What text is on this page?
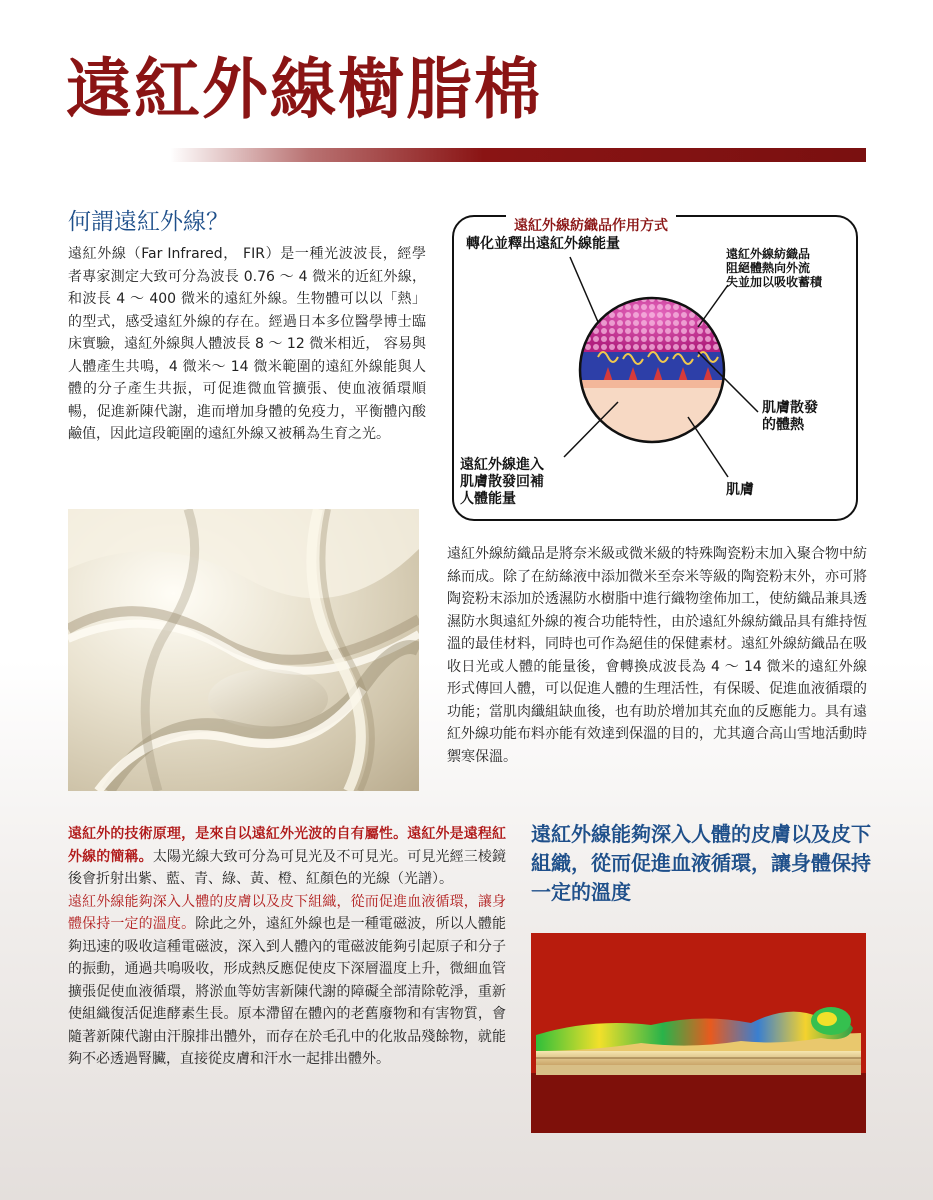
遠紅外線樹脂棉
何謂遠紅外線？
遠紅外線（Far Infrared， FIR）是一種光波波長，經學者專家測定大致可分為波長 0.76 ～ 4 微米的近紅外線，和波長 4 ～ 400 微米的遠紅外線。生物體可以以「熱」的型式，感受遠紅外線的存在。經過日本多位醫學博士臨床實驗，遠紅外線與人體波長 8 ～ 12 微米相近， 容易與人體產生共鳴，4 微米～ 14 微米範圍的遠紅外線能與人體的分子產生共振，可促進微血管擴張、使血液循環順暢，促進新陳代謝，進而增加身體的免疫力，平衡體內酸鹼值，因此這段範圍的遠紅外線又被稱為生育之光。
遠紅外線紡織品作用方式
轉化並釋出遠紅外線能量
遠紅外線紡織品
阻絕體熱向外流
失並加以吸收蓄積
肌膚散發
的體熱
遠紅外線進入
肌膚散發回補
人體能量
肌膚
遠紅外線紡織品是將奈米級或微米級的特殊陶瓷粉末加入聚合物中紡絲而成。除了在紡絲液中添加微米至奈米等級的陶瓷粉末外，亦可將陶瓷粉末添加於透濕防水樹脂中進行織物塗佈加工，使紡織品兼具透濕防水與遠紅外線的複合功能特性，由於遠紅外線紡織品具有維持恆溫的最佳材料，同時也可作為絕佳的保健素材。遠紅外線紡織品在吸收日光或人體的能量後，會轉換成波長為 4 ～ 14 微米的遠紅外線形式傳回人體，可以促進人體的生理活性，有保暖、促進血液循環的功能；當肌肉纖組缺血後，也有助於增加其充血的反應能力。具有遠紅外線功能布料亦能有效達到保溫的目的，尤其適合高山雪地活動時禦寒保溫。
遠紅外的技術原理，是來自以遠紅外光波的自有屬性。遠紅外是遠程紅外線的簡稱。太陽光線大致可分為可見光及不可見光。可見光經三棱鏡後會折射出紫、藍、青、綠、黃、橙、紅顏色的光線（光譜）。
遠紅外線能夠深入人體的皮膚以及皮下組織，從而促進血液循環，讓身體保持一定的溫度。除此之外，遠紅外線也是一種電磁波，所以人體能夠迅速的吸收這種電磁波，深入到人體內的電磁波能夠引起原子和分子的振動，通過共鳴吸收，形成熱反應促使皮下深層溫度上升，微細血管擴張促使血液循環，將淤血等妨害新陳代謝的障礙全部清除乾淨，重新使組織復活促進酵素生長。原本滯留在體內的老舊廢物和有害物質，會隨著新陳代謝由汗腺排出體外，而存在於毛孔中的化妝品殘餘物，就能夠不必透過腎臟，直接從皮膚和汗水一起排出體外。
遠紅外線能夠深入人體的皮膚以及皮下組織，從而促進血液循環，讓身體保持一定的溫度
